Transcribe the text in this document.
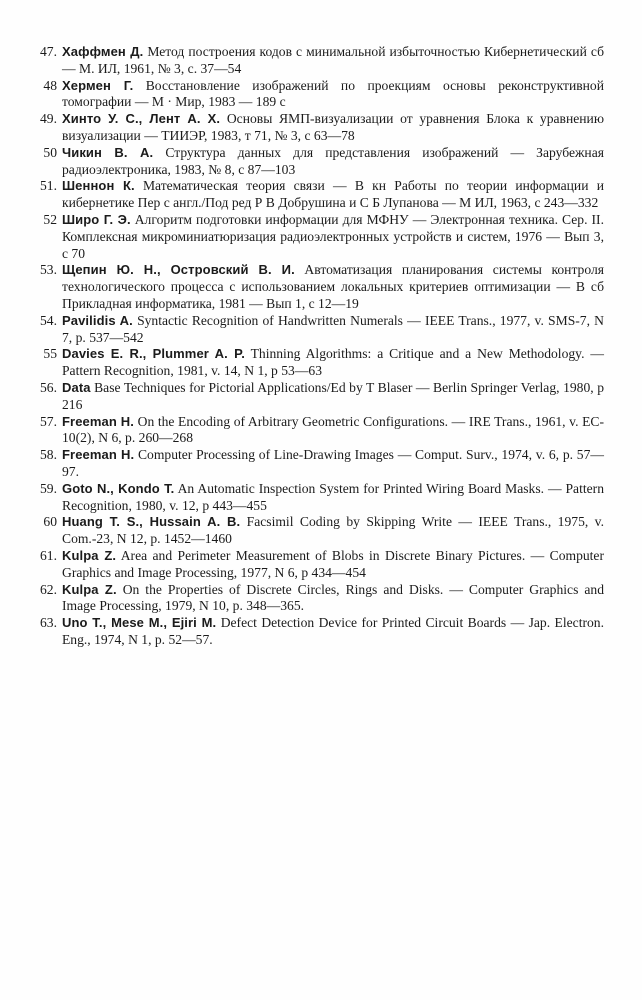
47. Хаффмен Д. Метод построения кодов с минимальной избыточностью Кибернетический сб — М. ИЛ, 1961, № 3, с. 37—54

48 Хермен Г. Восстановление изображений по проекциям основы реконструктивной томографии — М · Мир, 1983 — 189 с

49. Хинто У. С., Лент А. Х. Основы ЯМП-визуализации от уравнения Блока к уравнению визуализации — ТИИЭР, 1983, т 71, № 3, с 63—78

50 Чикин В. А. Структура данных для представления изображений — Зарубежная радиоэлектроника, 1983, № 8, с 87—103

51. Шеннон К. Математическая теория связи — В кн Работы по теории информации и кибернетике Пер с англ./Под ред Р В Добрушина и С Б Лупанова — М ИЛ, 1963, с 243—332

52 Широ Г. Э. Алгоритм подготовки информации для МФНУ — Электронная техника. Сер. II. Комплексная микроминиатюризация радиоэлектронных устройств и систем, 1976 — Вып 3, с 70

53. Щепин Ю. Н., Островский В. И. Автоматизация планирования системы контроля технологического процесса с использованием локальных критериев оптимизации — В сб Прикладная информатика, 1981 — Вып 1, с 12—19

54. Pavilidis A. Syntactic Recognition of Handwritten Numerals — IEEE Trans., 1977, v. SMS-7, N 7, p. 537—542

55 Davies E. R., Plummer A. P. Thinning Algorithms: a Critique and a New Methodology. — Pattern Recognition, 1981, v. 14, N 1, p 53—63

56. Data Base Techniques for Pictorial Applications/Ed by T Blaser — Berlin Springer Verlag, 1980, p 216

57. Freeman H. On the Encoding of Arbitrary Geometric Configurations. — IRE Trans., 1961, v. EC-10(2), N 6, p. 260—268

58. Freeman H. Computer Processing of Line-Drawing Images — Comput. Surv., 1974, v. 6, p. 57—97.

59. Goto N., Kondo T. An Automatic Inspection System for Printed Wiring Board Masks. — Pattern Recognition, 1980, v. 12, p 443—455

60 Huang T. S., Hussain A. B. Facsimil Coding by Skipping Write — IEEE Trans., 1975, v. Com.-23, N 12, p. 1452—1460

61. Kulpa Z. Area and Perimeter Measurement of Blobs in Discrete Binary Pictures. — Computer Graphics and Image Processing, 1977, N 6, p 434—454

62. Kulpa Z. On the Properties of Discrete Circles, Rings and Disks. — Computer Graphics and Image Processing, 1979, N 10, p. 348—365.

63. Uno T., Mese M., Ejiri M. Defect Detection Device for Printed Circuit Boards — Jap. Electron. Eng., 1974, N 1, p. 52—57.
